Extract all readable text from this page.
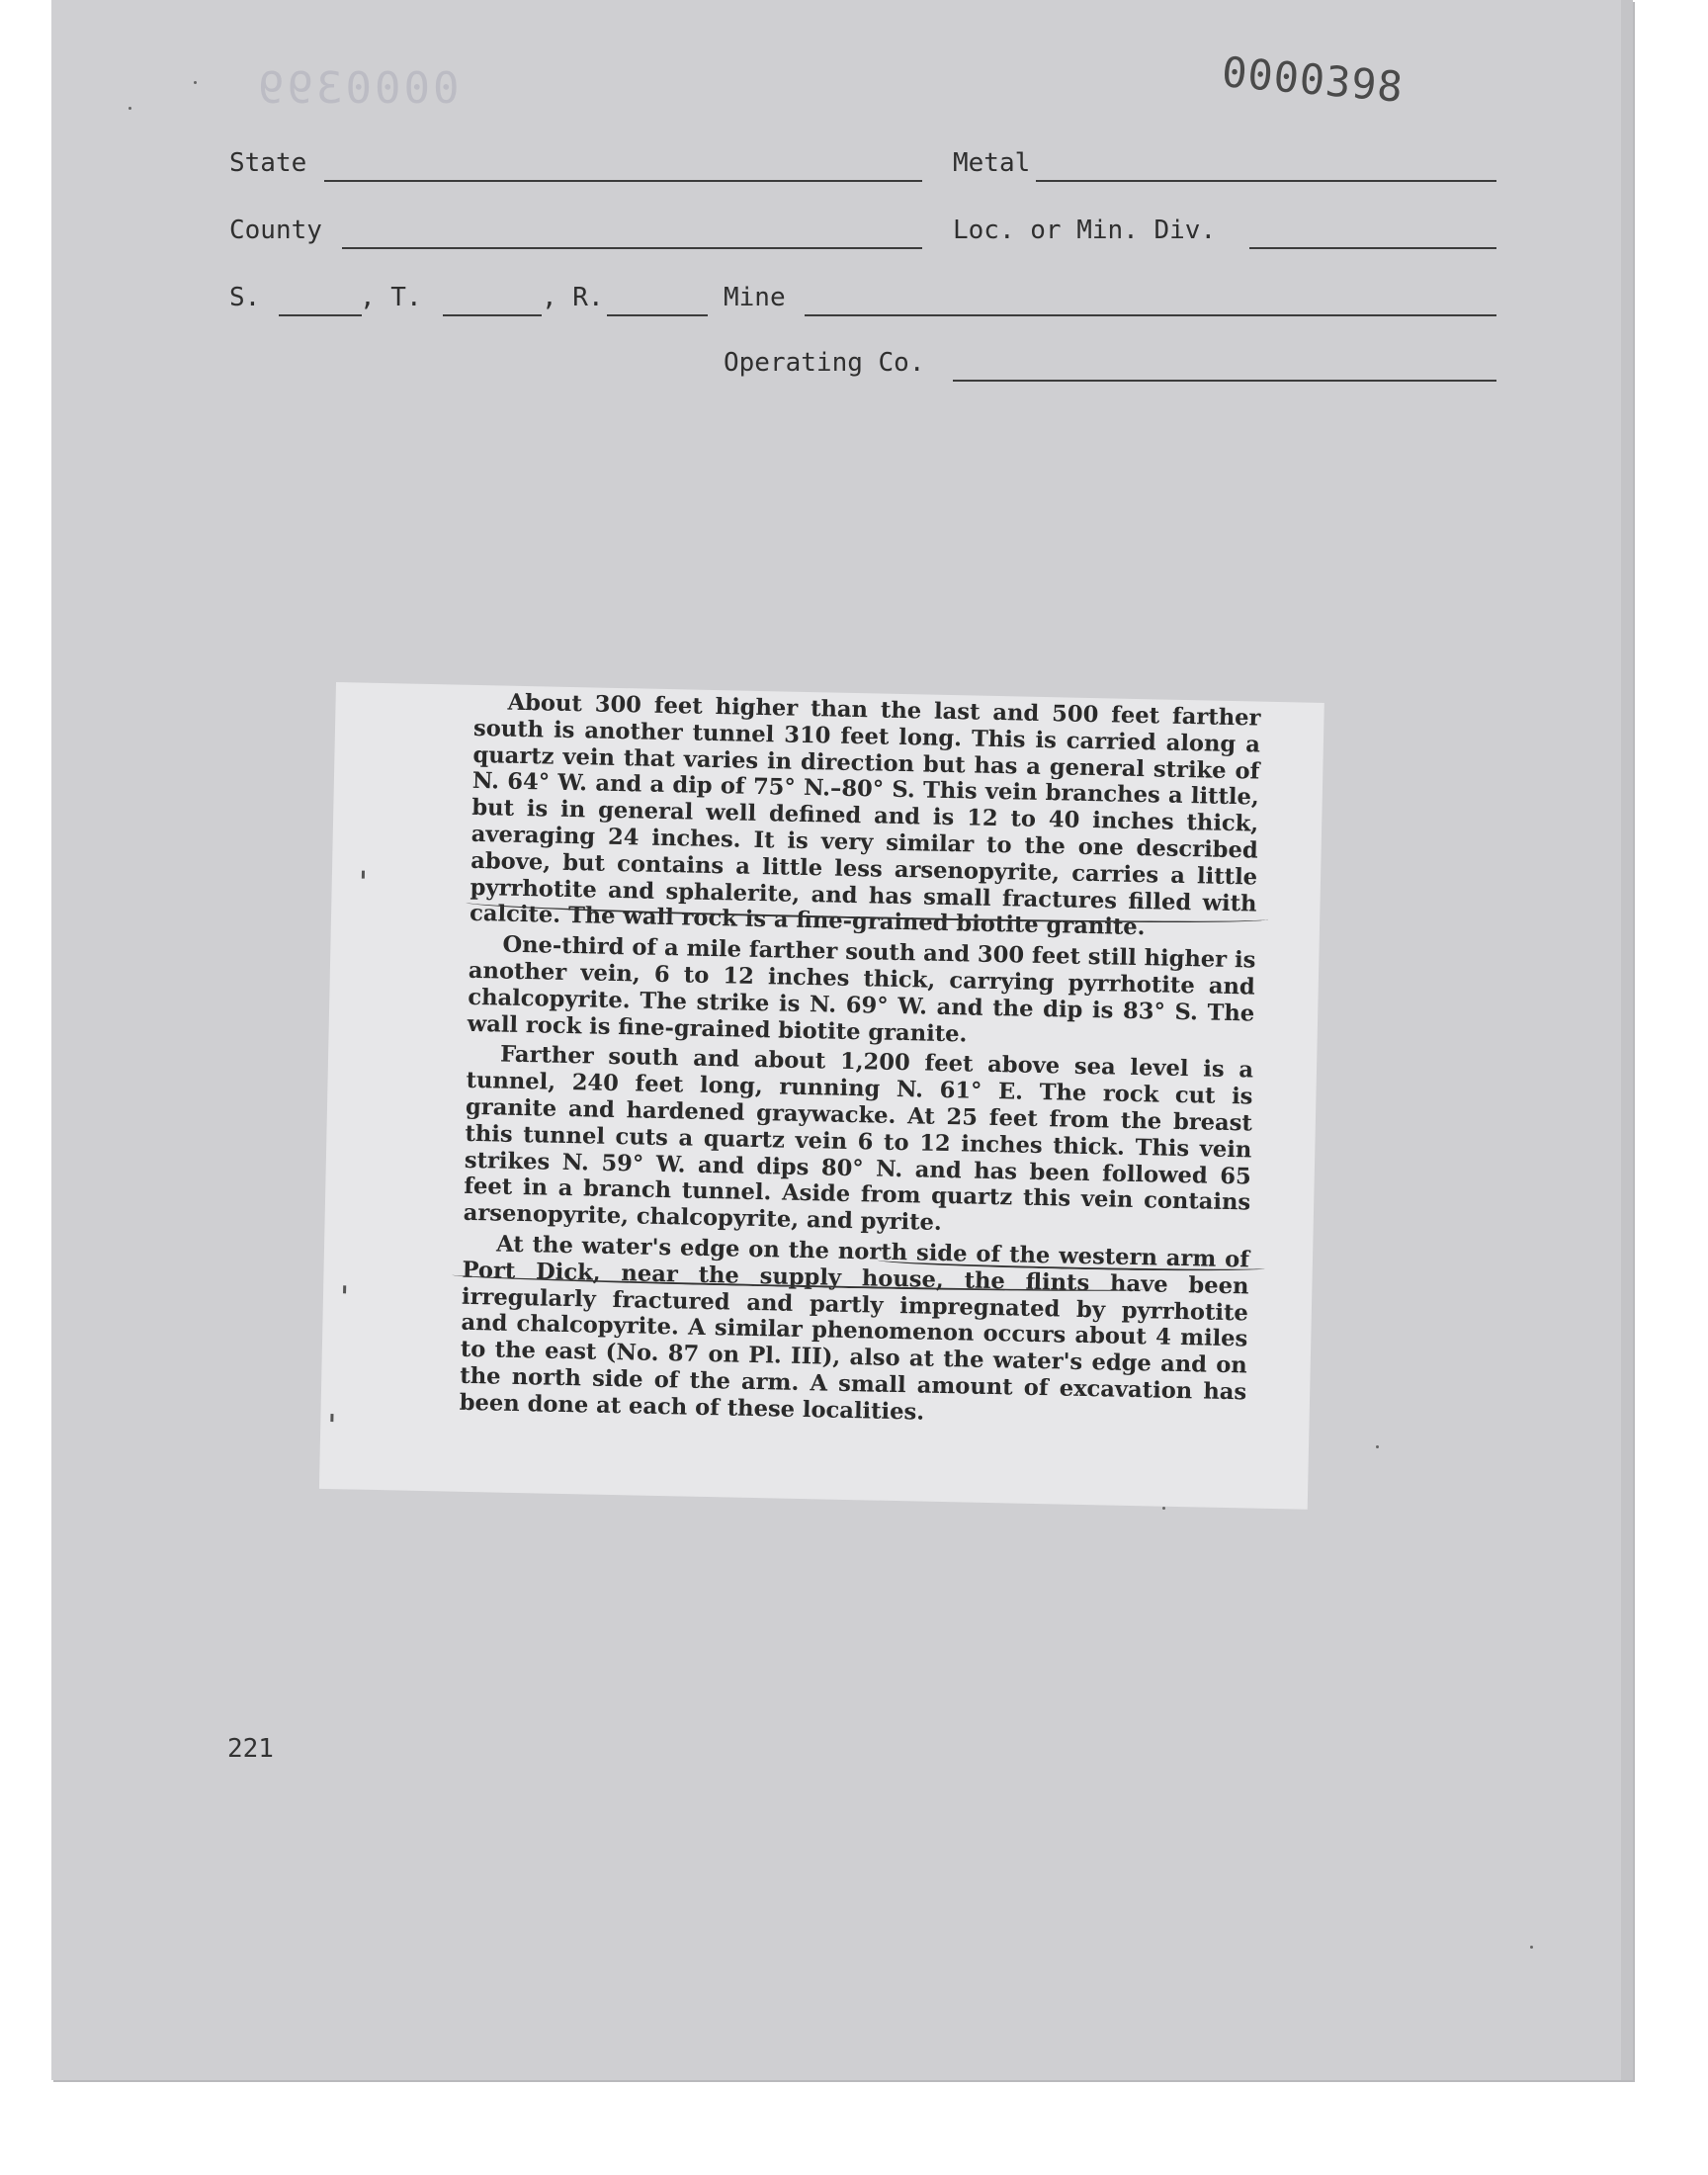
0000399	0000398
State	Metal
County	Loc. or Min. Div.
S.	, T.	, R.	Mine
Operating Co.

About 300 feet higher than the last and 500 feet farther south is another tunnel 310 feet long. This is carried along a quartz vein that varies in direction but has a general strike of N. 64° W. and a dip of 75° N.–80° S. This vein branches a little, but is in general well defined and is 12 to 40 inches thick, averaging 24 inches. It is very similar to the one described above, but contains a little less arsenopyrite, carries a little pyrrhotite and sphalerite, and has small fractures filled with calcite. The wall rock is a fine-grained biotite granite.

One-third of a mile farther south and 300 feet still higher is another vein, 6 to 12 inches thick, carrying pyrrhotite and chalcopyrite. The strike is N. 69° W. and the dip is 83° S. The wall rock is fine-grained biotite granite.

Farther south and about 1,200 feet above sea level is a tunnel, 240 feet long, running N. 61° E. The rock cut is granite and hardened graywacke. At 25 feet from the breast this tunnel cuts a quartz vein 6 to 12 inches thick. This vein strikes N. 59° W. and dips 80° N. and has been followed 65 feet in a branch tunnel. Aside from quartz this vein contains arsenopyrite, chalcopyrite, and pyrite.

At the water's edge on the north side of the western arm of Port Dick, near the supply house, the flints have been irregularly fractured and partly impregnated by pyrrhotite and chalcopyrite. A similar phenomenon occurs about 4 miles to the east (No. 87 on Pl. III), also at the water's edge and on the north side of the arm. A small amount of excavation has been done at each of these localities.

221
